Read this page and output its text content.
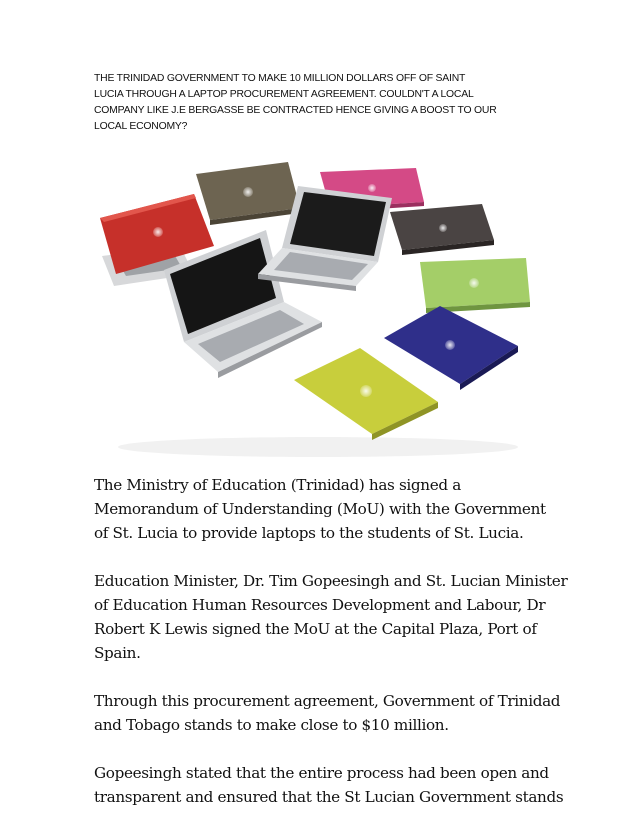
THE TRINIDAD GOVERNMENT TO MAKE 10 MILLION DOLLARS OFF OF SAINT
LUCIA THROUGH A LAPTOP PROCUREMENT AGREEMENT. COULDN'T A LOCAL
COMPANY LIKE J.E BERGASSE BE CONTRACTED HENCE GIVING A BOOST TO OUR
LOCAL ECONOMY?
The Ministry of Education (Trinidad) has signed a
Memorandum of Understanding (MoU) with the Government
of St. Lucia to provide laptops to the students of St. Lucia.
Education Minister, Dr. Tim Gopeesingh and St. Lucian Minister
of Education Human Resources Development and Labour, Dr
Robert K Lewis signed the MoU at the Capital Plaza, Port of
Spain.
Through this procurement agreement, Government of Trinidad
and Tobago stands to make close to $10 million.
Gopeesingh stated that the entire process had been open and
transparent and ensured that the St Lucian Government stands
